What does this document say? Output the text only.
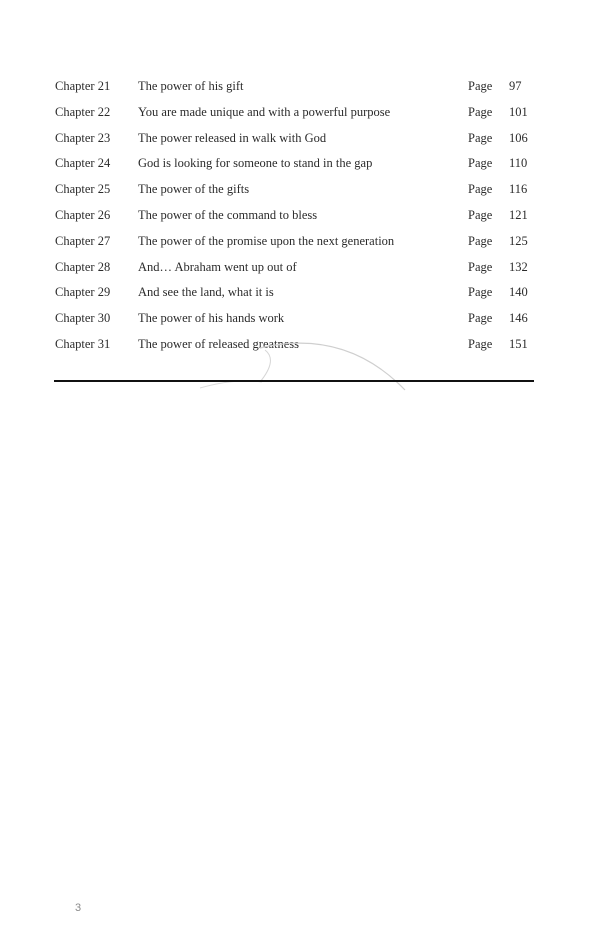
Chapter 21 The power of his gift	Page 97
Chapter 22 You are made unique and with a powerful purpose	Page 101
Chapter 23 The power released in walk with God	Page 106
Chapter 24 God is looking for someone to stand in the gap	Page 110
Chapter 25 The power of the gifts	Page 116
Chapter 26 The power of the command to bless	Page 121
Chapter 27 The power of the promise upon the next generation	Page 125
Chapter 28 And… Abraham went up out of	Page 132
Chapter 29 And see the land, what it is	Page 140
Chapter 30 The power of his hands work	Page 146
Chapter 31 The power of released greatness	Page 151
3
